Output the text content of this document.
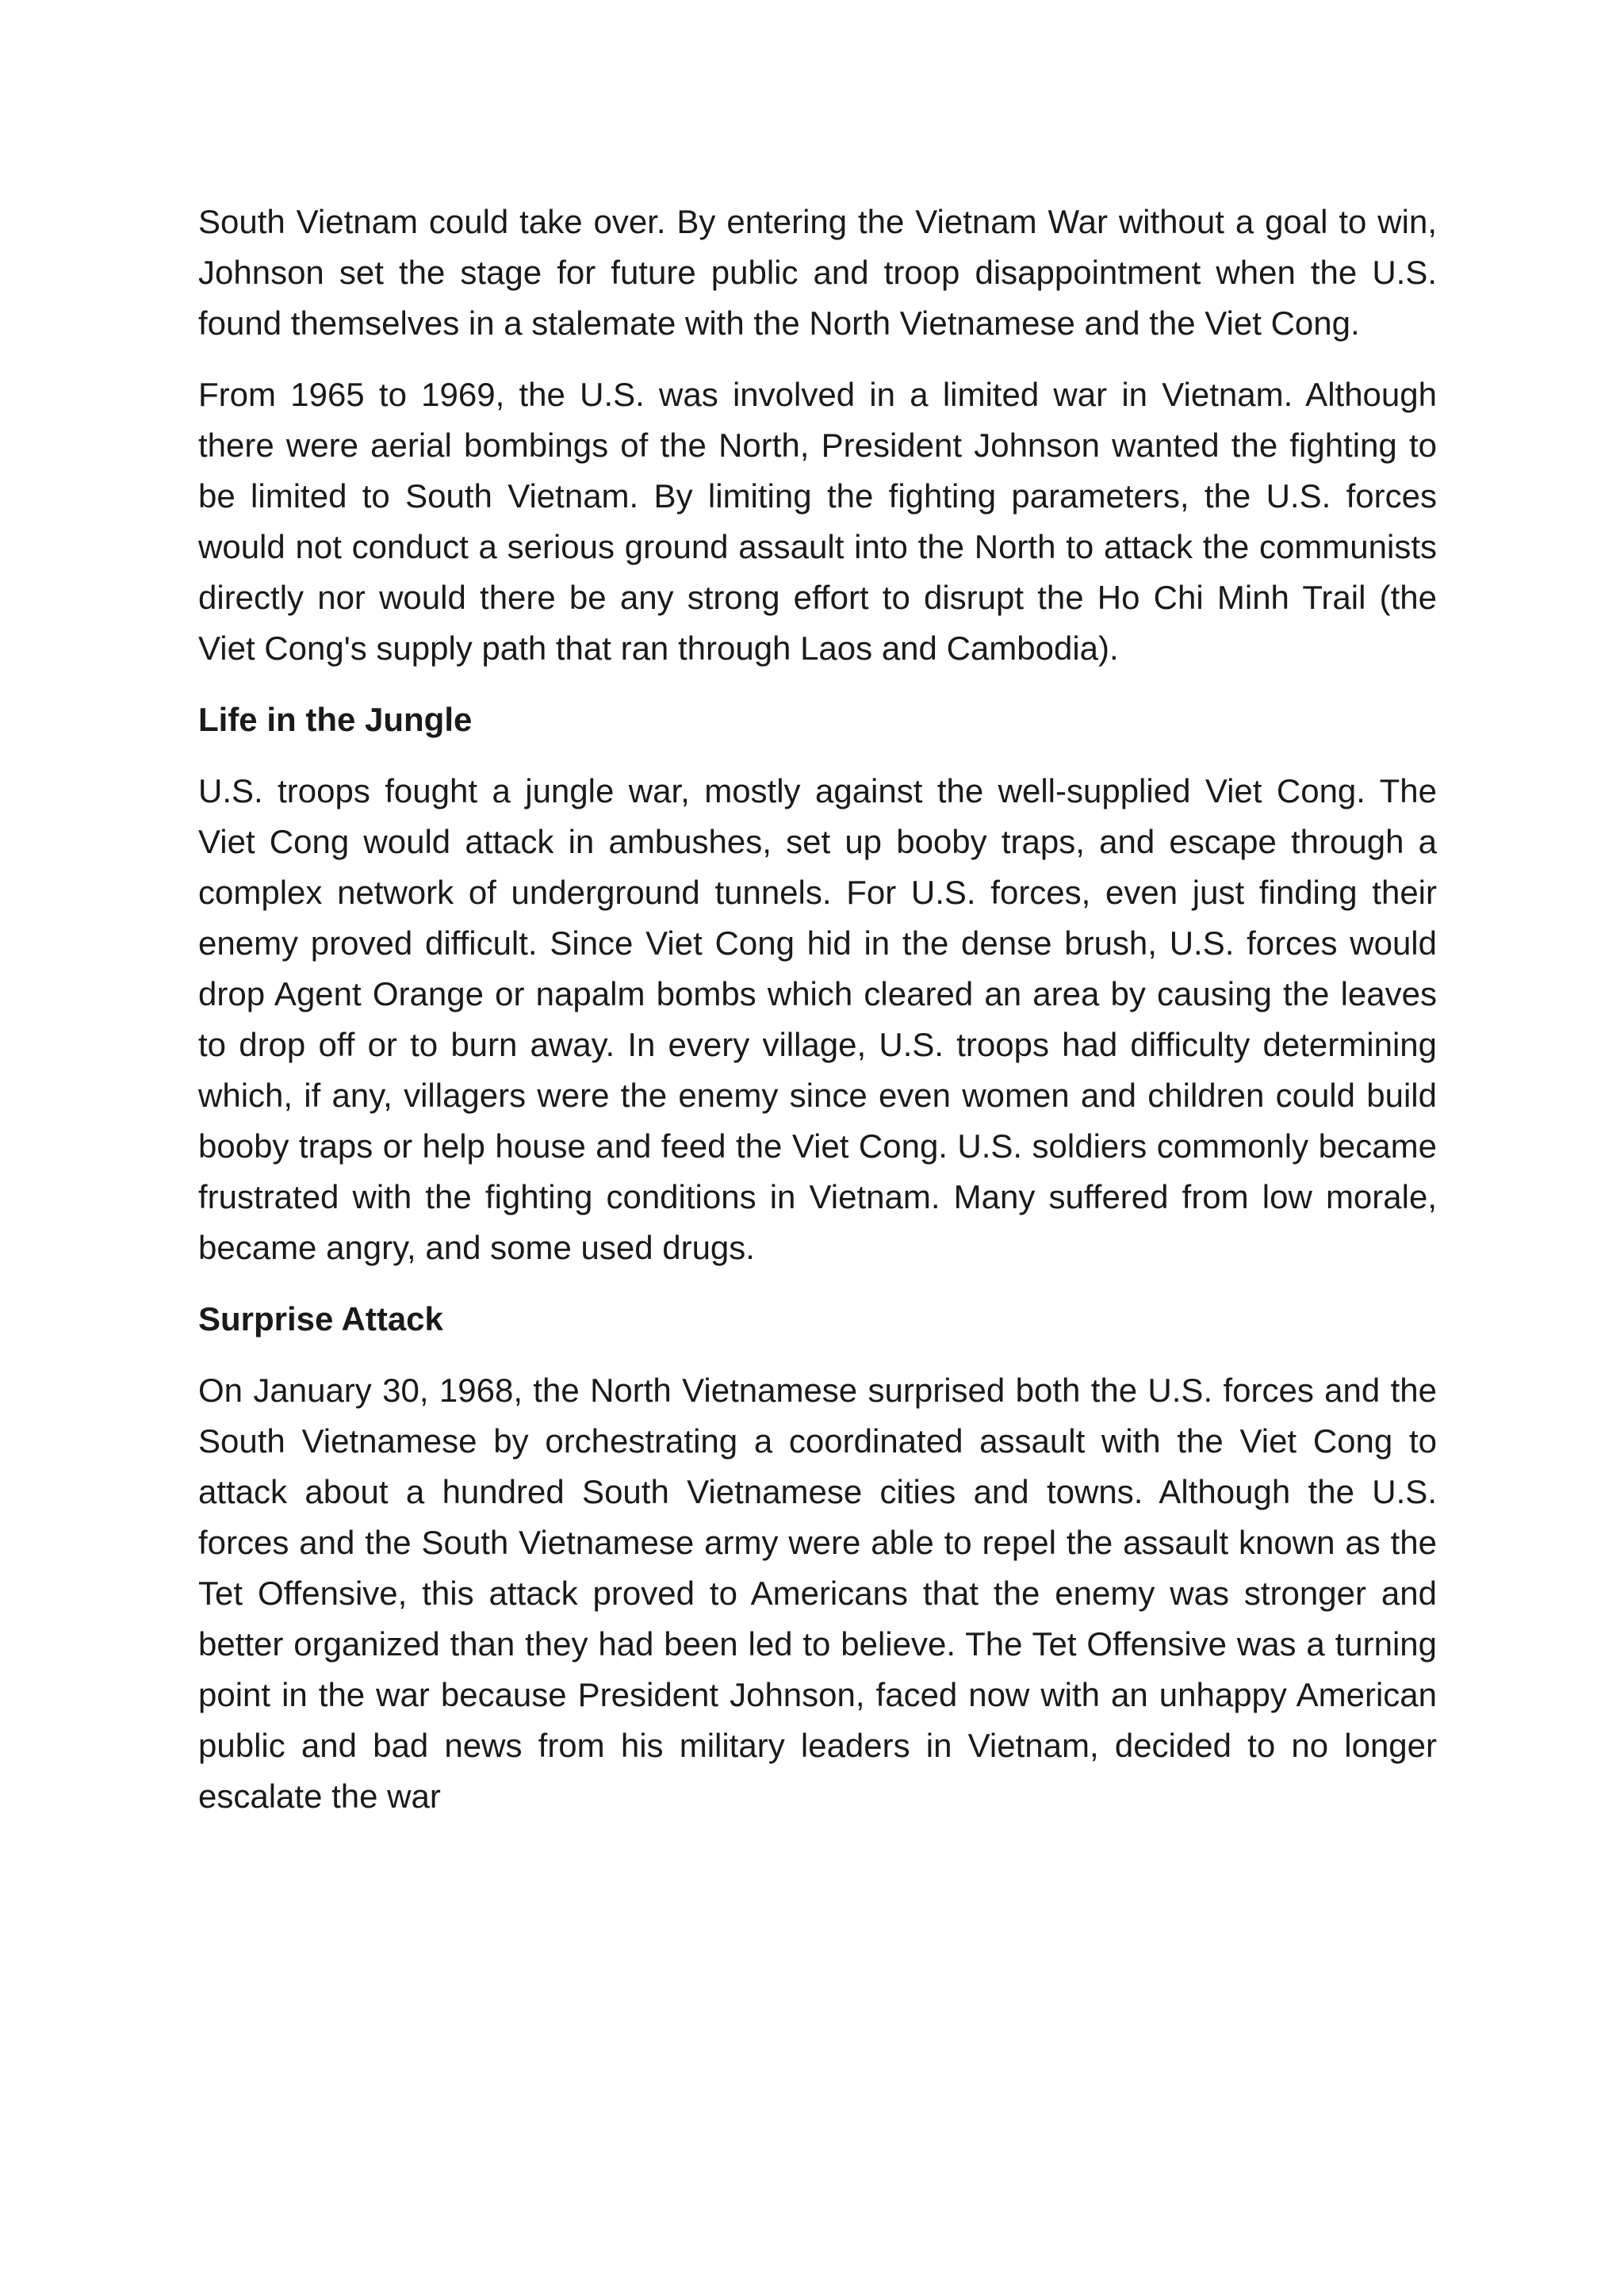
South Vietnam could take over. By entering the Vietnam War without a goal to win, Johnson set the stage for future public and troop disappointment when the U.S. found themselves in a stalemate with the North Vietnamese and the Viet Cong.

From 1965 to 1969, the U.S. was involved in a limited war in Vietnam. Although there were aerial bombings of the North, President Johnson wanted the fighting to be limited to South Vietnam. By limiting the fighting parameters, the U.S. forces would not conduct a serious ground assault into the North to attack the communists directly nor would there be any strong effort to disrupt the Ho Chi Minh Trail (the Viet Cong's supply path that ran through Laos and Cambodia).

Life in the Jungle

U.S. troops fought a jungle war, mostly against the well-supplied Viet Cong. The Viet Cong would attack in ambushes, set up booby traps, and escape through a complex network of underground tunnels. For U.S. forces, even just finding their enemy proved difficult. Since Viet Cong hid in the dense brush, U.S. forces would drop Agent Orange or napalm bombs which cleared an area by causing the leaves to drop off or to burn away. In every village, U.S. troops had difficulty determining which, if any, villagers were the enemy since even women and children could build booby traps or help house and feed the Viet Cong. U.S. soldiers commonly became frustrated with the fighting conditions in Vietnam. Many suffered from low morale, became angry, and some used drugs.

Surprise Attack

On January 30, 1968, the North Vietnamese surprised both the U.S. forces and the South Vietnamese by orchestrating a coordinated assault with the Viet Cong to attack about a hundred South Vietnamese cities and towns. Although the U.S. forces and the South Vietnamese army were able to repel the assault known as the Tet Offensive, this attack proved to Americans that the enemy was stronger and better organized than they had been led to believe. The Tet Offensive was a turning point in the war because President Johnson, faced now with an unhappy American public and bad news from his military leaders in Vietnam, decided to no longer escalate the war
